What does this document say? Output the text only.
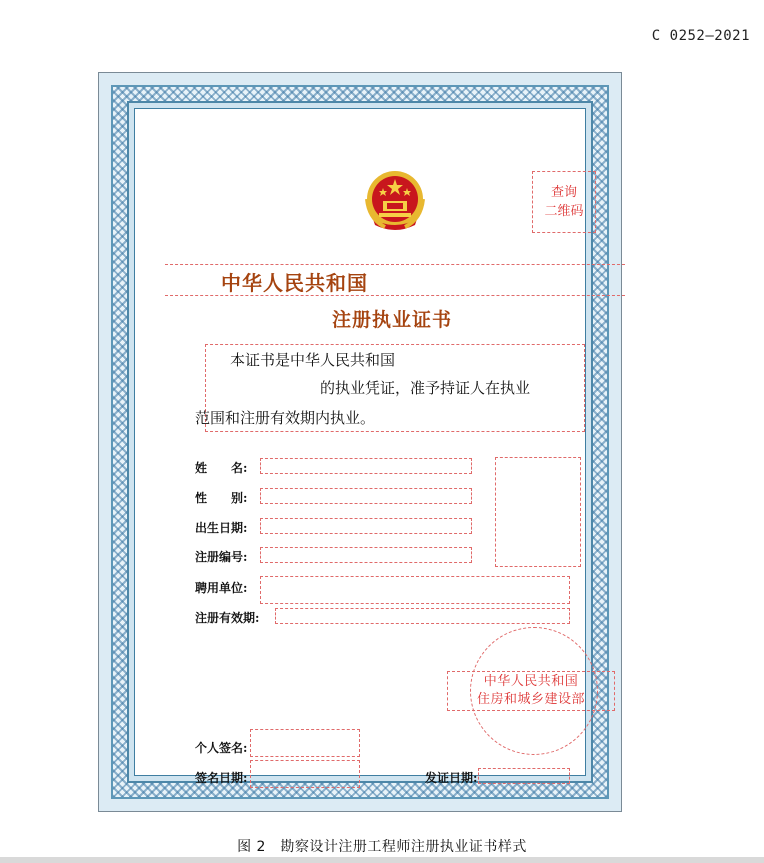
C 0252—2021
查询
二维码
中华人民共和国
注册执业证书
本证书是中华人民共和国
的执业凭证，准予持证人在执业
范围和注册有效期内执业。
姓　　名:
性　　别:
出生日期:
注册编号:
聘用单位:
注册有效期:
中华人民共和国
住房和城乡建设部
个人签名:
签名日期:	发证日期:
图 2　勘察设计注册工程师注册执业证书样式
